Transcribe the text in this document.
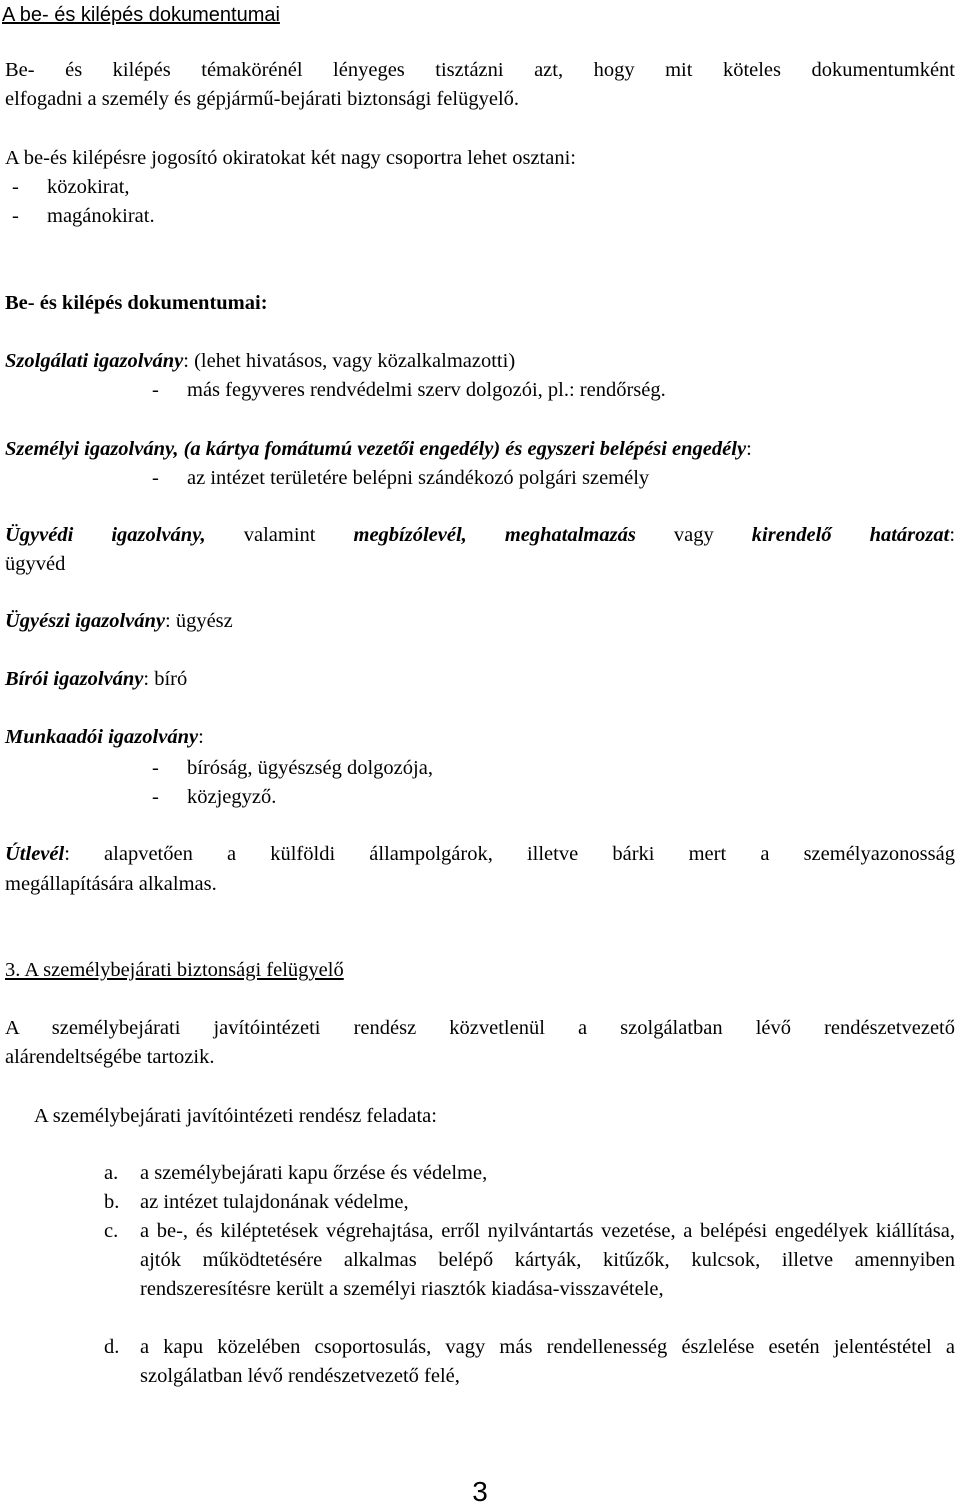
A be- és kilépés dokumentumai
Be- és kilépés témakörénél lényeges tisztázni azt, hogy mit köteles dokumentumként
elfogadni a személy és gépjármű-bejárati biztonsági felügyelő.
A be-és kilépésre jogosító okiratokat két nagy csoportra lehet osztani:
- közokirat,
- magánokirat.
Be- és kilépés dokumentumai:
Szolgálati igazolvány: (lehet hivatásos, vagy közalkalmazotti)
- más fegyveres rendvédelmi szerv dolgozói, pl.: rendőrség.
Személyi igazolvány, (a kártya fomátumú vezetői engedély) és egyszeri belépési engedély:
- az intézet területére belépni szándékozó polgári személy
Ügyvédi igazolvány, valamint megbízólevél, meghatalmazás vagy kirendelő határozat:
ügyvéd
Ügyészi igazolvány: ügyész
Bírói igazolvány: bíró
Munkaadói igazolvány:
- bíróság, ügyészség dolgozója,
- közjegyző.
Útlevél: alapvetően a külföldi állampolgárok, illetve bárki mert a személyazonosság
megállapítására alkalmas.
3. A személybejárati biztonsági felügyelő
A személybejárati javítóintézeti rendész közvetlenül a szolgálatban lévő rendészetvezető
alárendeltségébe tartozik.
A személybejárati javítóintézeti rendész feladata:
a. a személybejárati kapu őrzése és védelme,
b. az intézet tulajdonának védelme,
c. a be-, és kiléptetések végrehajtása, erről nyilvántartás vezetése, a belépési engedélyek kiállítása, ajtók működtetésére alkalmas belépő kártyák, kitűzők, kulcsok, illetve amennyiben rendszeresítésre került a személyi riasztók kiadása-visszavétele,
d. a kapu közelében csoportosulás, vagy más rendellenesség észlelése esetén jelentéstétel a szolgálatban lévő rendészetvezető felé,
3
